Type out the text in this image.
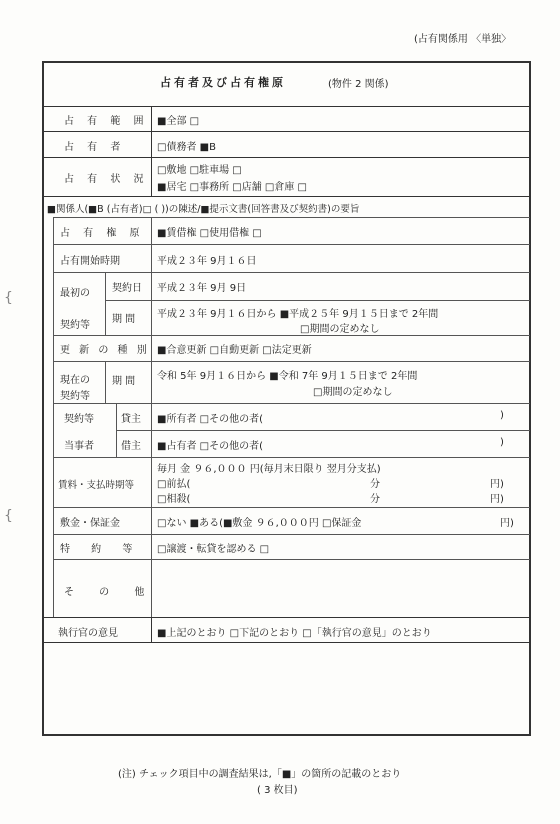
(占有関係用 〈単独〉
{
{
占有者及び占有権原	(物件 2 関係)
占 有 範 囲 ■全部 □
占 有 者	□債務者 ■B
占 有 状 況
□敷地 □駐車場 □
■居宅 □事務所 □店舗 □倉庫 □
■関係人(■B (占有者)□ ( ))の陳述/■提示文書(回答書及び契約書)の要旨
占 有 権 原 ■賃借権 □使用借権 □
占有開始時期	平成２３年 9月１６日
最初の
契約等
契約日 平成２３年 9月 9日
期 間 平成２３年 9月１６日から ■平成２５年 9月１５日まで 2年間
□期間の定めなし
更 新 の 種 別 ■合意更新 □自動更新 □法定更新
現在の
契約等
期 間 令和 5年 9月１６日から ■令和 7年 9月１５日まで 2年間
□期間の定めなし
契約等
当事者
貸主 ■所有者 □その他の者(	)
借主 ■占有者 □その他の者(	)
賃料・支払時期等
毎月 金 ９６,０００ 円(毎月末日限り 翌月分支払)
□前払(	分	円)
□相殺(	分	円)
敷金・保証金	□ない ■ある(■敷金 ９６,０００円 □保証金	円)
特 約 等 □譲渡・転貸を認める □
そ の 他
執行官の意見	■上記のとおり □下記のとおり □「執行官の意見」のとおり
(注) チェック項目中の調査結果は,「■」の箇所の記載のとおり
( 3 枚目)
